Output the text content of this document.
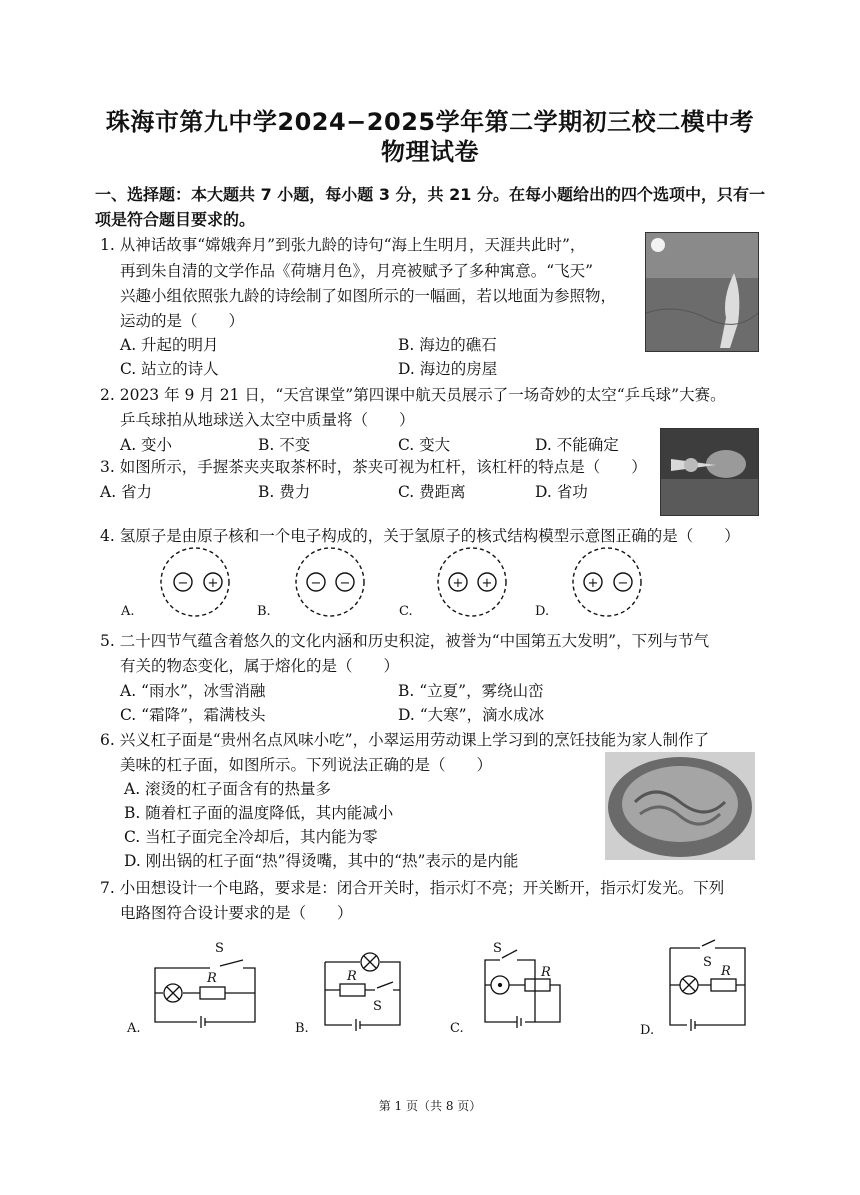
珠海市第九中学2024−2025学年第二学期初三校二模中考
物理试卷
一、选择题：本大题共 7 小题，每小题 3 分，共 21 分。在每小题给出的四个选项中，只有一
项是符合题目要求的。
1. 从神话故事“嫦娥奔月”到张九龄的诗句“海上生明月，天涯共此时”，
再到朱自清的文学作品《荷塘月色》，月亮被赋予了多种寓意。“飞天”
兴趣小组依照张九龄的诗绘制了如图所示的一幅画，若以地面为参照物，
运动的是（　　）
A. 升起的明月	B. 海边的礁石
C. 站立的诗人	D. 海边的房屋
2. 2023 年 9 月 21 日，“天宫课堂”第四课中航天员展示了一场奇妙的太空“乒乓球”大赛。
乒乓球拍从地球送入太空中质量将（　　）
A. 变小	B. 不变	C. 变大	D. 不能确定
3. 如图所示，手握茶夹夹取茶杯时，茶夹可视为杠杆，该杠杆的特点是（　　）
A. 省力	B. 费力	C. 费距离	D. 省功
4. 氢原子是由原子核和一个电子构成的，关于氢原子的核式结构模型示意图正确的是（　　）
− +	− −	+ +	+ −
A.	B.	C.	D.
5. 二十四节气蕴含着悠久的文化内涵和历史积淀，被誉为“中国第五大发明”，下列与节气
有关的物态变化，属于熔化的是（　　）
A. “雨水”，冰雪消融	B. “立夏”，雾绕山峦
C. “霜降”，霜满枝头	D. “大寒”，滴水成冰
6. 兴义杠子面是“贵州名点风味小吃”，小翠运用劳动课上学习到的烹饪技能为家人制作了
美味的杠子面，如图所示。下列说法正确的是（　　）
A. 滚烫的杠子面含有的热量多
B. 随着杠子面的温度降低，其内能减小
C. 当杠子面完全冷却后，其内能为零
D. 刚出锅的杠子面“热”得烫嘴，其中的“热”表示的是内能
7. 小田想设计一个电路，要求是：闭合开关时，指示灯不亮；开关断开，指示灯发光。下列
电路图符合设计要求的是（　　）
S
R
S
R
S
R
S
R
A.	B.	C.	D.
第 1 页（共 8 页）
